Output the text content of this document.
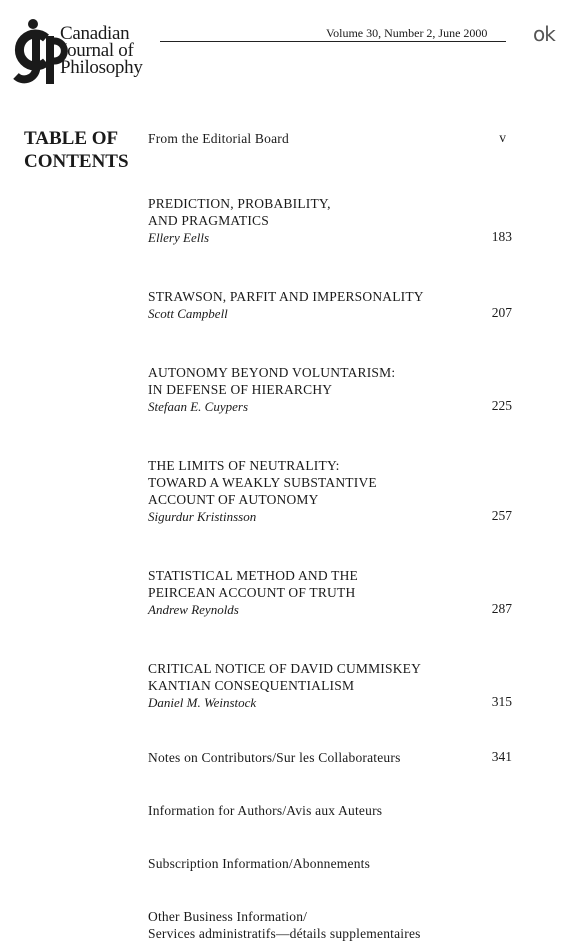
Canadian
Journal of
Philosophy
Volume 30, Number 2, June 2000 ok
TABLE OF
CONTENTS
From the Editorial Board	v
PREDICTION, PROBABILITY,
AND PRAGMATICS
Ellery Eells	183
STRAWSON, PARFIT AND IMPERSONALITY
Scott Campbell	207
AUTONOMY BEYOND VOLUNTARISM:
IN DEFENSE OF HIERARCHY
Stefaan E. Cuypers	225
THE LIMITS OF NEUTRALITY:
TOWARD A WEAKLY SUBSTANTIVE
ACCOUNT OF AUTONOMY
Sigurdur Kristinsson	257
STATISTICAL METHOD AND THE
PEIRCEAN ACCOUNT OF TRUTH
Andrew Reynolds	287
CRITICAL NOTICE OF DAVID CUMMISKEY
KANTIAN CONSEQUENTIALISM
Daniel M. Weinstock	315
Notes on Contributors/Sur les Collaborateurs	341
Information for Authors/Avis aux Auteurs
Subscription Information/Abonnements
Other Business Information/
Services administratifs—détails supplementaires
